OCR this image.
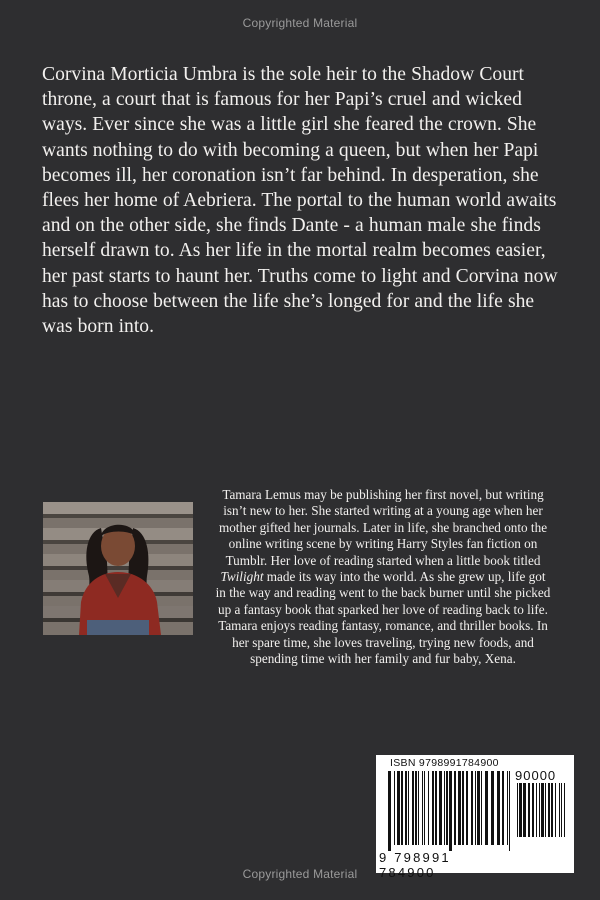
Copyrighted Material

Corvina Morticia Umbra is the sole heir to the Shadow Court throne, a court that is famous for her Papi’s cruel and wicked ways. Ever since she was a little girl she feared the crown. She wants nothing to do with becoming a queen, but when her Papi becomes ill, her coronation isn’t far behind. In desperation, she flees her home of Aebriera. The portal to the human world awaits and on the other side, she finds Dante - a human male she finds herself drawn to. As her life in the mortal realm becomes easier, her past starts to haunt her. Truths come to light and Corvina now has to choose between the life she’s longed for and the life she was born into.

Tamara Lemus may be publishing her first novel, but writing isn’t new to her. She started writing at a young age when her mother gifted her journals. Later in life, she branched onto the online writing scene by writing Harry Styles fan fiction on Tumblr. Her love of reading started when a little book titled Twilight made its way into the world. As she grew up, life got in the way and reading went to the back burner until she picked up a fantasy book that sparked her love of reading back to life. Tamara enjoys reading fantasy, romance, and thriller books. In her spare time, she loves traveling, trying new foods, and spending time with her family and fur baby, Xena.

ISBN 9798991784900
90000
9 798991 784900
Copyrighted Material
